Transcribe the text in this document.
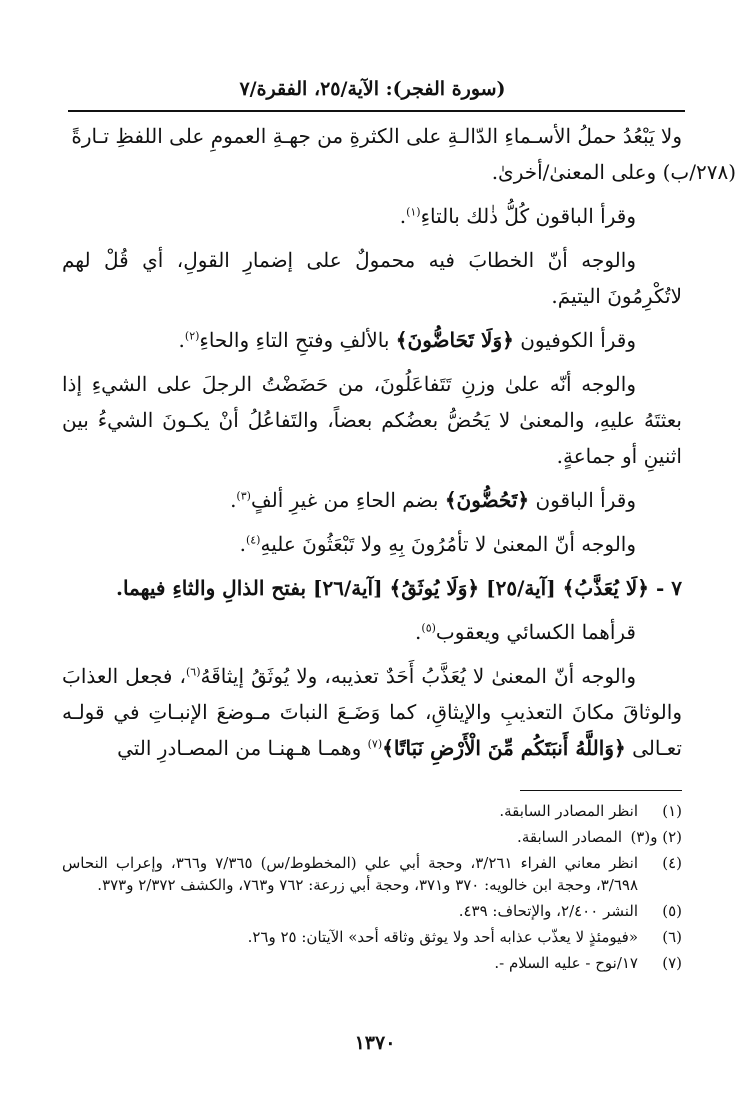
(سورة الفجر): الآية/٢٥، الفقرة/٧

ولا يَبْعُدُ حملُ الأسـماءِ الدّالـةِ على الكثرةِ من جهـةِ العمومِ على اللفظِ تـارةً
(٢٧٨/ب) وعلى المعنىٰ/أخرىٰ.

وقرأ الباقون كُلُّ ذٰلك بالتاءِ$^{(١)}$.

والوجه أنّ الخطابَ فيه محمولٌ على إضمارِ القولِ، أي قُلْ لهم لاتُكْرِمُونَ اليتيمَ.

وقرأ الكوفيون ﴿وَلَا تَحَاضُّونَ﴾ بالألفِ وفتحِ التاءِ والحاءِ$^{(٢)}$.

والوجه أنّه علىٰ وزنِ تَتَفاعَلُونَ، من حَضَضْتُ الرجلَ على الشيءِ إذا بعثتَهُ عليهِ، والمعنىٰ لا يَحُضُّ بعضُكم بعضاً، والتَفاعُلُ أنْ يكـونَ الشيءُ بين اثنينِ أو جماعةٍ.

وقرأ الباقون ﴿تَحُضُّونَ﴾ بضم الحاءِ من غيرِ ألفٍ$^{(٣)}$.

والوجه أنّ المعنىٰ لا تأمُرُونَ بِهِ ولا تَبْعَثُونَ عليهِ$^{(٤)}$.

٧ - ﴿لَا يُعَذَّبُ﴾ [آية/٢٥] ﴿وَلَا يُوثَقُ﴾ [آية/٢٦] بفتح الذالِ والثاءِ فيهما.

قرأهما الكسائي ويعقوب$^{(٥)}$.

والوجه أنّ المعنىٰ لا يُعَذَّبُ أَحَدٌ تعذيبه، ولا يُوثَقُ إيثاقَهُ$^{(٦)}$، فجعل العذابَ والوثاقَ مكانَ التعذيبِ والإيثاقِ، كما وَضَـعَ النباتَ مـوضعَ الإنبـاتِ في قولـه تعـالى ﴿وَاللَّهُ أَنبَتَكُم مِّنَ الْأَرْضِ نَبَاتًا﴾$^{(٧)}$ وهمـا هـهنـا من المصـادرِ التي

(١)
انظر المصادر السابقة.
(٢) و(٣)
المصادر السابقة.
(٤)
انظر معاني الفراء ٣/٢٦١، وحجة أبي علي (المخطوط/س) ٧/٣٦٥ و٣٦٦، وإعراب النحاس ٣/٦٩٨، وحجة ابن خالويه: ٣٧٠ و٣٧١، وحجة أبي زرعة: ٧٦٢ و٧٦٣، والكشف ٢/٣٧٢ و٣٧٣.
(٥)
النشر ٢/٤٠٠، والإتحاف: ٤٣٩.
(٦)
«فيومئذٍ لا يعذّب عذابه أحد ولا يوثق وثاقه أحد» الآيتان: ٢٥ و٢٦.
(٧)
١٧/نوح - عليه السلام -.
١٣٧٠
